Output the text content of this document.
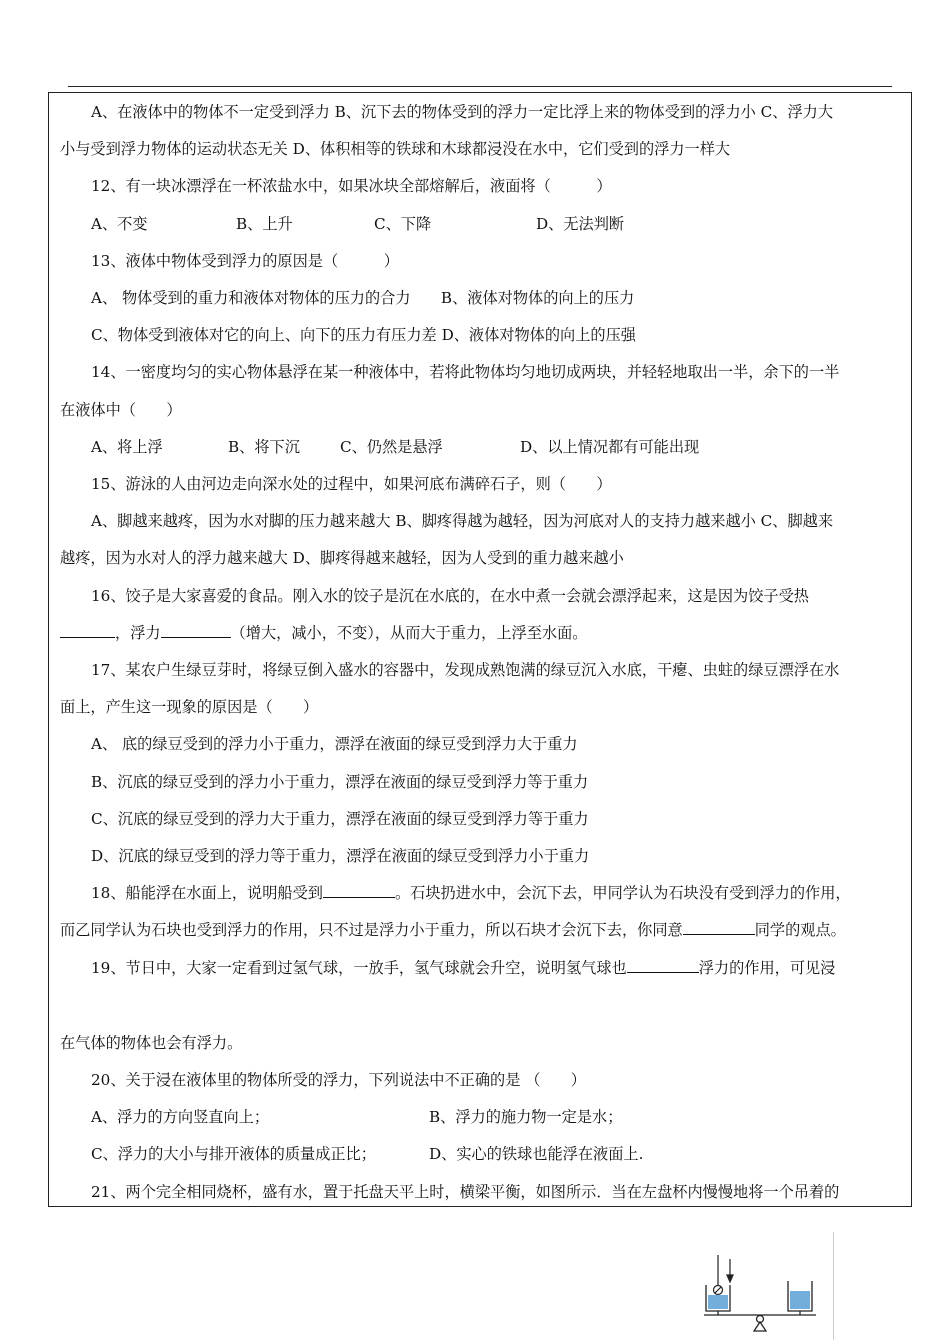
A、在液体中的物体不一定受到浮力 B、沉下去的物体受到的浮力一定比浮上来的物体受到的浮力小 C、浮力大

小与受到浮力物体的运动状态无关 D、体积相等的铁球和木球都浸没在水中，它们受到的浮力一样大

12、有一块冰漂浮在一杯浓盐水中，如果冰块全部熔解后，液面将（　　　）

A、不变	B、上升	C、下降	D、无法判断

13、液体中物体受到浮力的原因是（　　　）

A、 物体受到的重力和液体对物体的压力的合力　　B、液体对物体的向上的压力

C、物体受到液体对它的向上、向下的压力有压力差 D、液体对物体的向上的压强

14、一密度均匀的实心物体悬浮在某一种液体中，若将此物体均匀地切成两块，并轻轻地取出一半，余下的一半

在液体中（　　）

A、将上浮	B、将下沉	C、仍然是悬浮	D、以上情况都有可能出现

15、游泳的人由河边走向深水处的过程中，如果河底布满碎石子，则（　　）

A、脚越来越疼，因为水对脚的压力越来越大 B、脚疼得越为越轻，因为河底对人的支持力越来越小 C、脚越来

越疼，因为水对人的浮力越来越大 D、脚疼得越来越轻，因为人受到的重力越来越小

16、饺子是大家喜爱的食品。刚入水的饺子是沉在水底的，在水中煮一会就会漂浮起来，这是因为饺子受热

，浮力	（增大，减小，不变），从而大于重力，上浮至水面。

17、某农户生绿豆芽时，将绿豆倒入盛水的容器中，发现成熟饱满的绿豆沉入水底，干瘪、虫蛀的绿豆漂浮在水

面上，产生这一现象的原因是（　　）

A、 底的绿豆受到的浮力小于重力，漂浮在液面的绿豆受到浮力大于重力

B、沉底的绿豆受到的浮力小于重力，漂浮在液面的绿豆受到浮力等于重力

C、沉底的绿豆受到的浮力大于重力，漂浮在液面的绿豆受到浮力等于重力

D、沉底的绿豆受到的浮力等于重力，漂浮在液面的绿豆受到浮力小于重力

18、船能浮在水面上，说明船受到	。石块扔进水中，会沉下去，甲同学认为石块没有受到浮力的作用，

而乙同学认为石块也受到浮力的作用，只不过是浮力小于重力，所以石块才会沉下去，你同意	同学的观点。

19、节日中，大家一定看到过氢气球，一放手，氢气球就会升空，说明氢气球也	浮力的作用，可见浸

在气体的物体也会有浮力。

20、关于浸在液体里的物体所受的浮力，下列说法中不正确的是 （　　）

A、浮力的方向竖直向上；	B、浮力的施力物一定是水；
C、浮力的大小与排开液体的质量成正比；	D、实心的铁球也能浮在液面上.

21、两个完全相同烧杯，盛有水，置于托盘天平上时，横梁平衡，如图所示．当在左盘杯内慢慢地将一个吊着的
